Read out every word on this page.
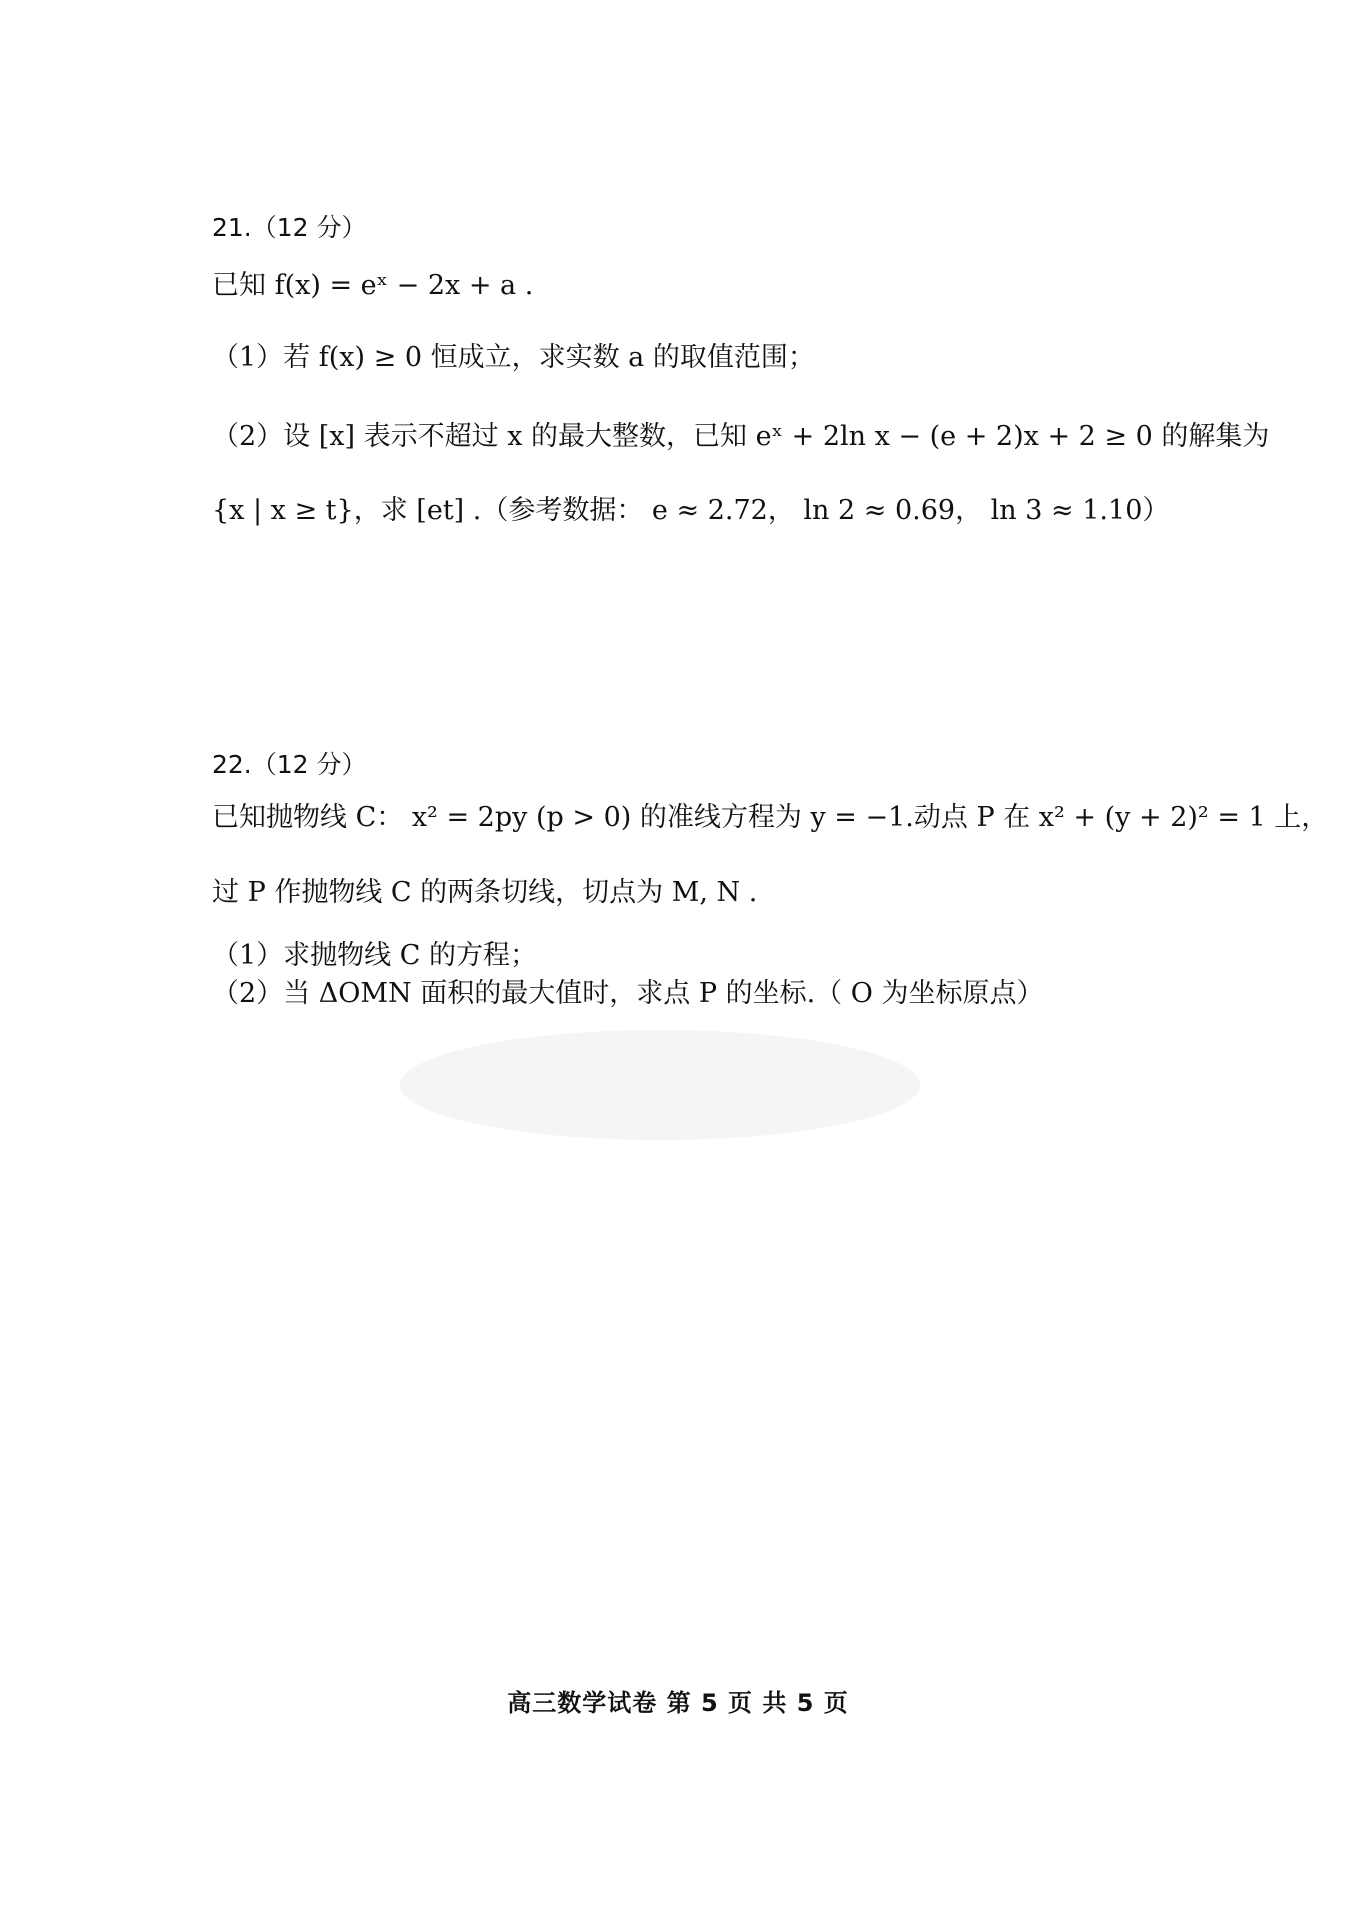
21.（12 分）
已知 f(x) = eˣ − 2x + a .
（1）若 f(x) ≥ 0 恒成立，求实数 a 的取值范围；
（2）设 [x] 表示不超过 x 的最大整数，已知 eˣ + 2ln x − (e + 2)x + 2 ≥ 0 的解集为
{x | x ≥ t}，求 [et] .（参考数据： e ≈ 2.72， ln 2 ≈ 0.69， ln 3 ≈ 1.10）
22.（12 分）
已知抛物线 C： x² = 2py (p > 0) 的准线方程为 y = −1.动点 P 在 x² + (y + 2)² = 1 上，
过 P 作抛物线 C 的两条切线，切点为 M, N .
（1）求抛物线 C 的方程；
（2）当 ΔOMN 面积的最大值时，求点 P 的坐标.（ O 为坐标原点）
高三数学试卷 第 5 页 共 5 页
